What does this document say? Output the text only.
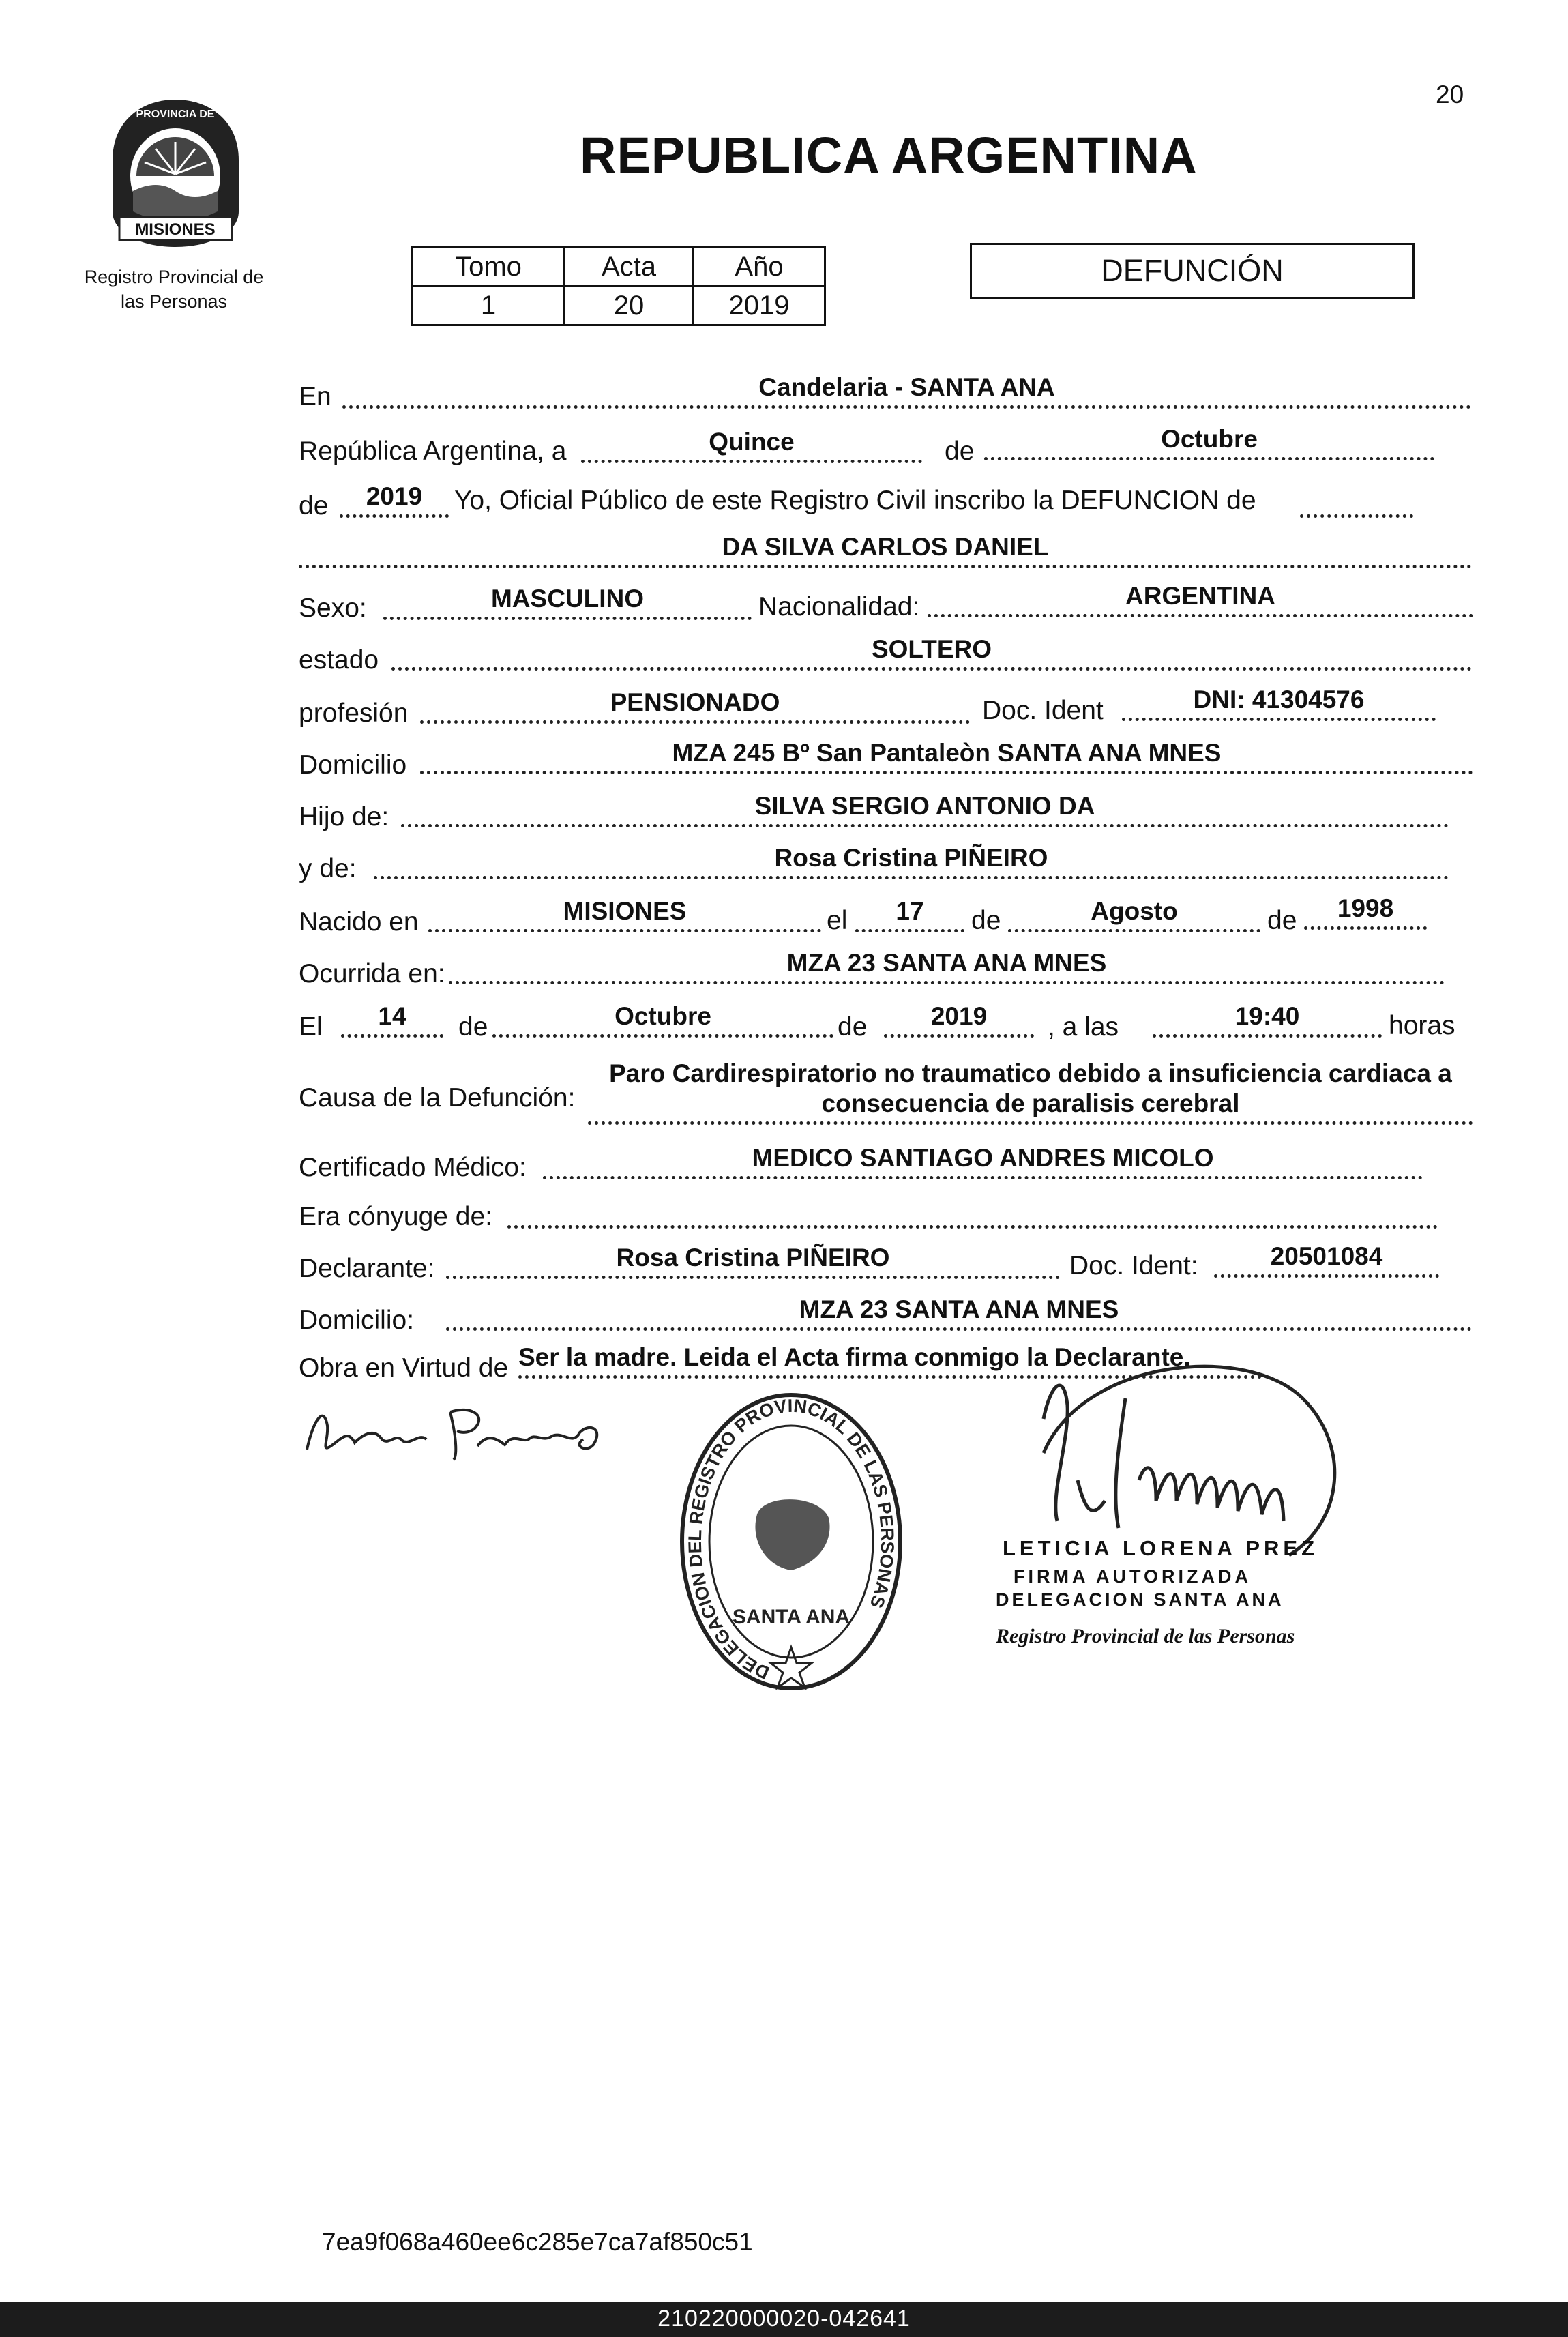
20
MISIONES
PROVINCIA DE
Registro Provincial de
las Personas
REPUBLICA ARGENTINA
Tomo	Acta	Año
1	20	2019
DEFUNCIÓN
En	Candelaria - SANTA ANA
República Argentina, a	Quince	de	Octubre
de	2019	Yo, Oficial Público de este Registro Civil inscribo la DEFUNCION de
DA SILVA CARLOS DANIEL
Sexo:	MASCULINO	Nacionalidad:	ARGENTINA
estado	SOLTERO
profesión	PENSIONADO	Doc. Ident	DNI: 41304576
Domicilio	MZA 245 Bº San Pantaleòn SANTA ANA MNES
Hijo de:	SILVA SERGIO ANTONIO DA
y de:	Rosa Cristina PIÑEIRO
Nacido en	MISIONES	el	17	de	Agosto	de	1998
Ocurrida en:	MZA 23 SANTA ANA MNES
El	14	de	Octubre	de	2019	, a las	19:40	horas
Causa de la Defunción:
Paro Cardirespiratorio no traumatico debido a insuficiencia cardiaca a consecuencia de paralisis cerebral
Certificado Médico:	MEDICO SANTIAGO ANDRES MICOLO
Era cónyuge de:
Declarante:	Rosa Cristina PIÑEIRO	Doc. Ident:	20501084
Domicilio:	MZA 23 SANTA ANA MNES
Obra en Virtud de Ser la madre. Leida el Acta firma conmigo la Declarante.
DELEGACION DEL REGISTRO PROVINCIAL DE LAS PERSONAS
SANTA ANA
LETICIA LORENA PREZ
FIRMA AUTORIZADA
DELEGACION SANTA ANA
Registro Provincial de las Personas
7ea9f068a460ee6c285e7ca7af850c51
210220000020-042641
